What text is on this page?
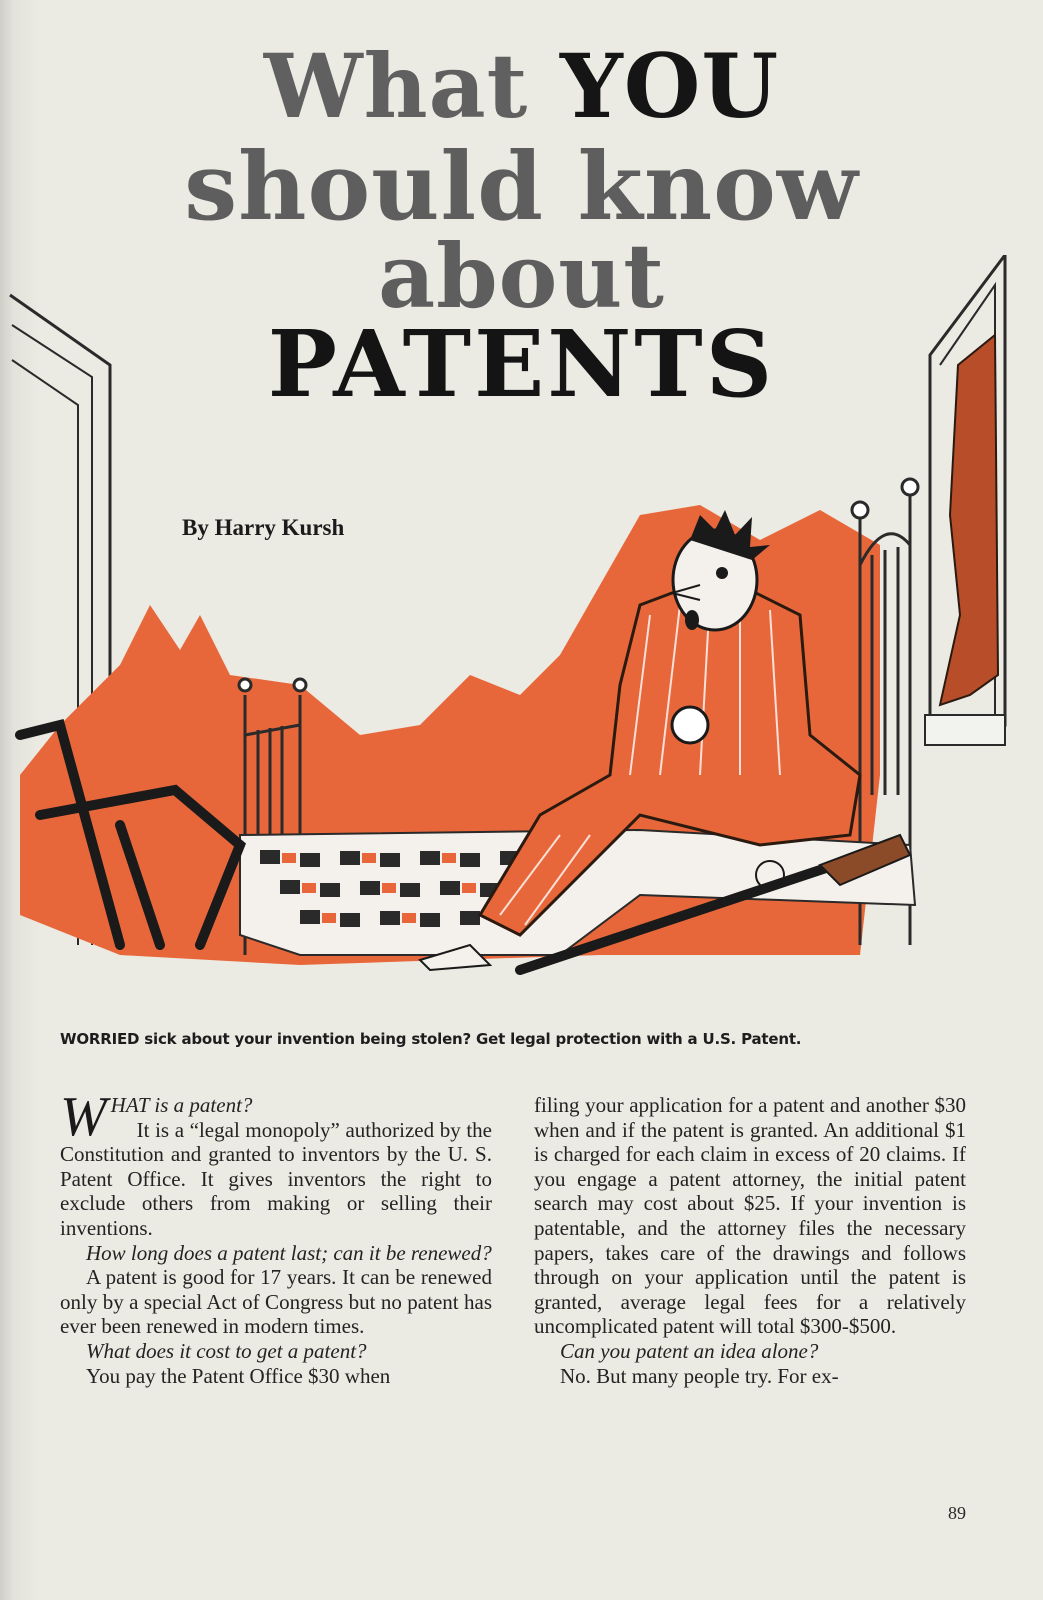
What YOU
should know
about
PATENTS
By Harry Kursh
WORRIED sick about your invention being stolen? Get legal protection with a U.S. Patent.

WHAT is a patent?

It is a “legal monopoly” authorized by the Constitution and granted to inventors by the U. S. Patent Office. It gives inventors the right to exclude others from making or selling their inventions.

How long does a patent last; can it be renewed?

A patent is good for 17 years. It can be renewed only by a special Act of Congress but no patent has ever been renewed in modern times.

What does it cost to get a patent?

You pay the Patent Office $30 when

filing your application for a patent and another $30 when and if the patent is granted. An additional $1 is charged for each claim in excess of 20 claims. If you engage a patent attorney, the initial patent search may cost about $25. If your invention is patentable, and the attorney files the necessary papers, takes care of the drawings and follows through on your application until the patent is granted, average legal fees for a relatively uncomplicated patent will total $300-$500.

Can you patent an idea alone?

No. But many people try. For ex-

89
